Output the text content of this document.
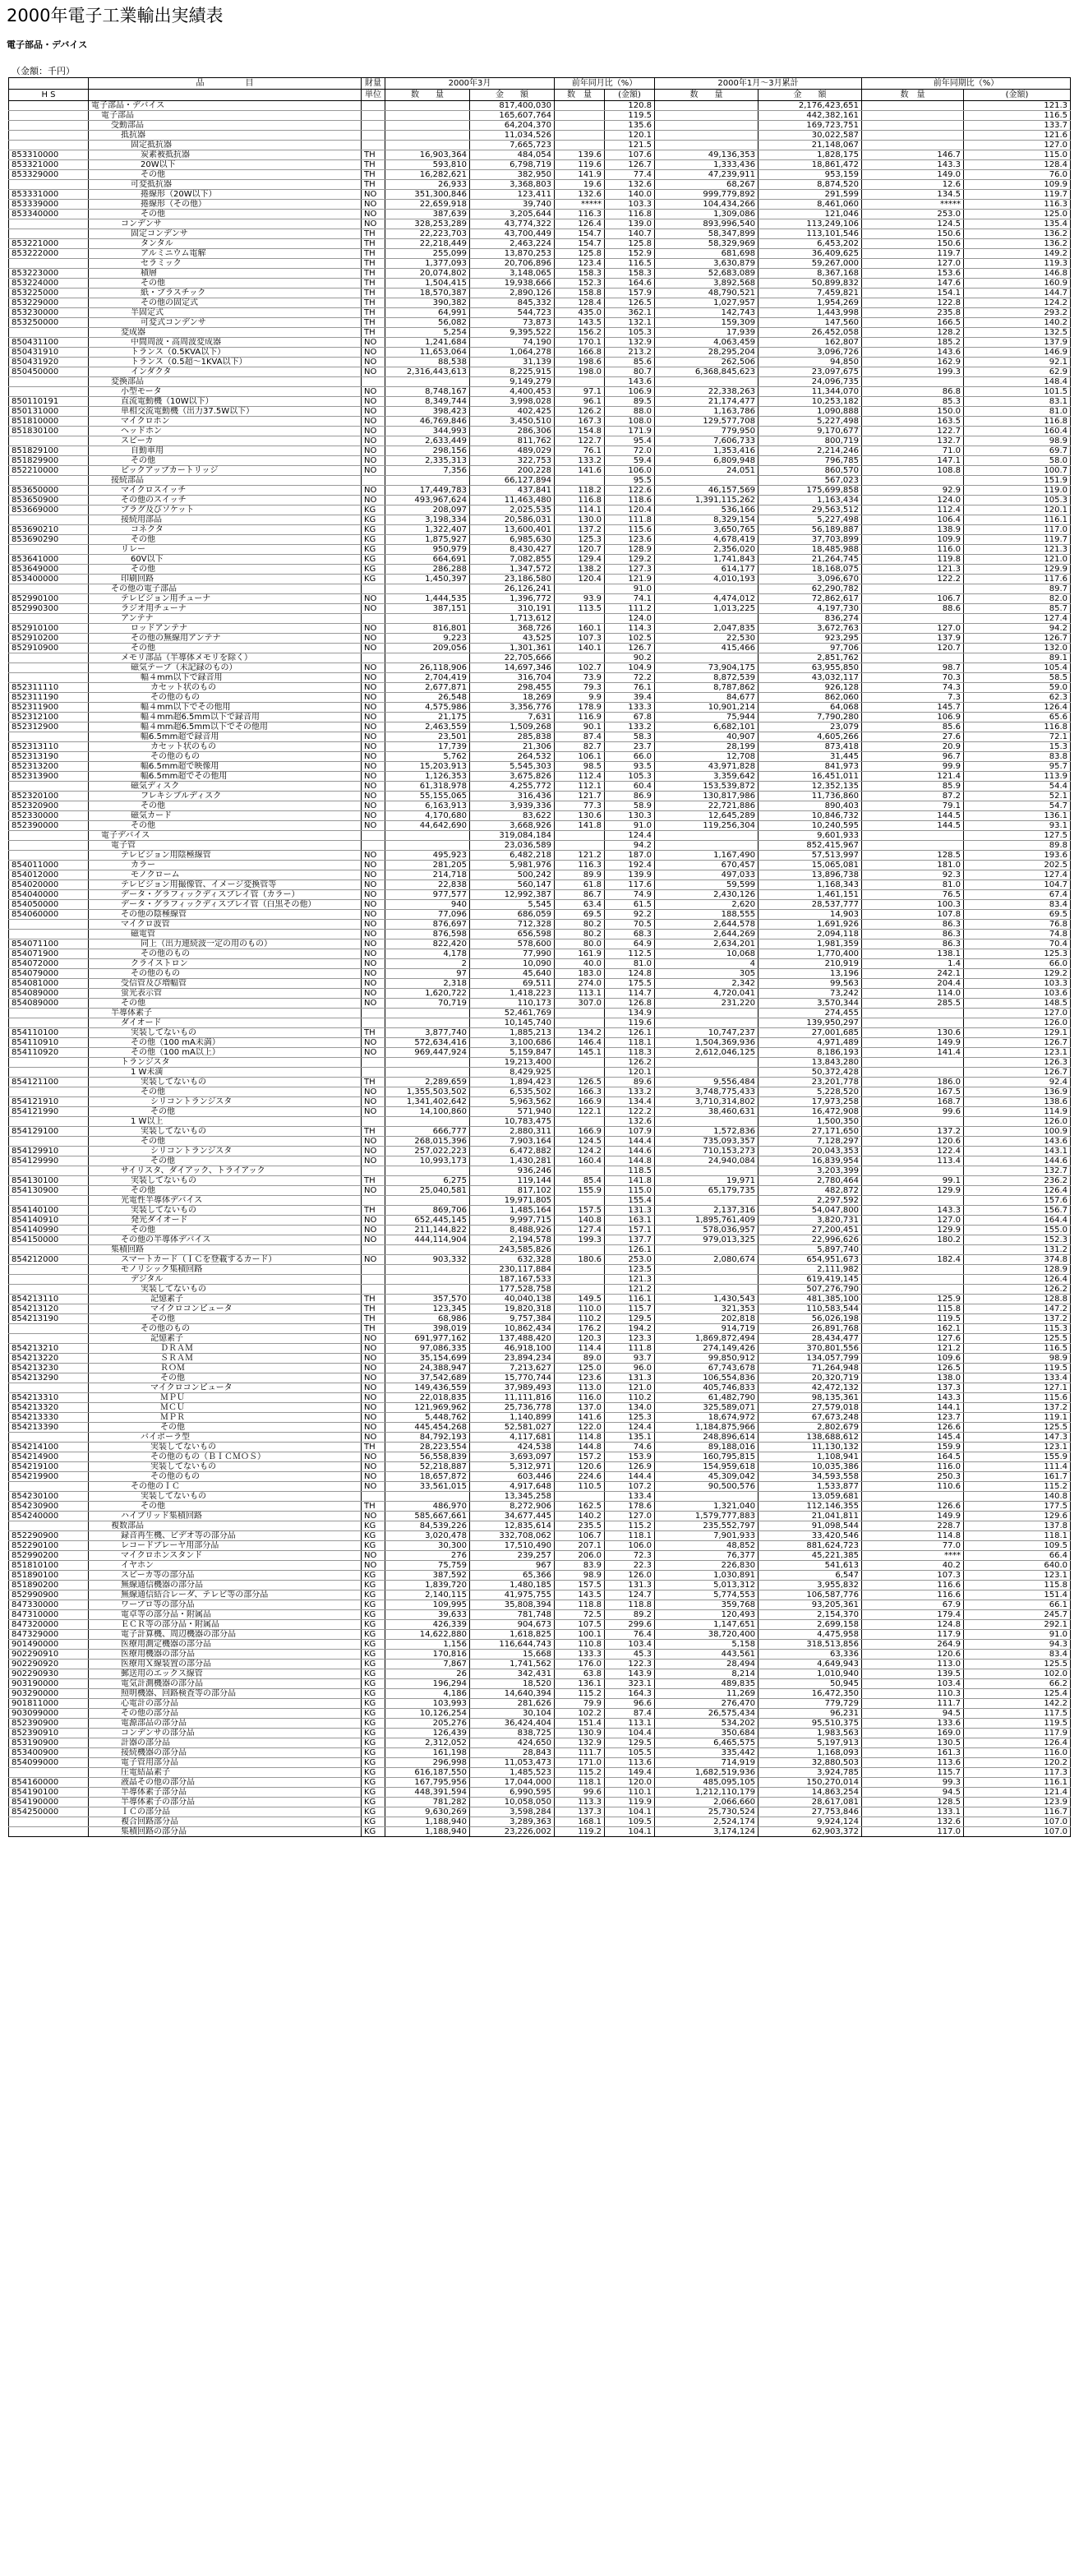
2000年電子工業輸出実績表
電子部品・デバイス
（金額：千円）
	品　　　　　目	財量	2000年3月		前年同月比（%）		2000年1月～3月累計		前年同期比（%）	
H S		単位	数　　量	金　　額	数　量	(金額)	数　　量	金　　額	数　量	(金額)
	電子部品・デバイス			817,400,030		120.8		2,176,423,651		121.3
	電子部品			165,607,764		119.5		442,382,161		116.5
	受動部品			64,204,370		135.6		169,723,751		133.7
	抵抗器			11,034,526		120.1		30,022,587		121.6
	固定抵抗器			7,665,723		121.5		21,148,067		127.0
853310000	炭素被抵抗器	TH	16,903,364	484,054	139.6	107.6	49,136,353	1,828,175	146.7	115.0
853321000	20W以下	TH	593,810	6,798,719	119.6	126.7	1,333,436	18,861,472	143.3	128.4
853329000	その他	TH	16,282,621	382,950	141.9	77.4	47,239,911	953,159	149.0	76.0
	可変抵抗器	TH	26,933	3,368,803	19.6	132.6	68,267	8,874,520	12.6	109.9
853331000	捲線形（20W以下）	NO	351,300,846	123,411	132.6	140.0	999,779,892	291,599	134.5	119.7
853339000	捲線形（その他）	NO	22,659,918	39,740	*****	103.3	104,434,266	8,461,060	*****	116.3
853340000	その他	NO	387,639	3,205,644	116.3	116.8	1,309,086	121,046	253.0	125.0
	コンデンサ	NO	328,253,289	43,774,322	126.4	139.0	893,996,540	113,249,106	124.5	135.4
	固定コンデンサ	TH	22,223,703	43,700,449	154.7	140.7	58,347,899	113,101,546	150.6	136.2
853221000	タンタル	TH	22,218,449	2,463,224	154.7	125.8	58,329,969	6,453,202	150.6	136.2
853222000	アルミニウム電解	TH	255,099	13,870,253	125.8	152.9	681,698	36,409,625	119.7	149.2
	セラミック	TH	1,377,093	20,706,896	123.4	116.5	3,630,879	59,267,000	127.0	119.3
853223000	積層	TH	20,074,802	3,148,065	158.3	158.3	52,683,089	8,367,168	153.6	146.8
853224000	その他	TH	1,504,415	19,938,666	152.3	164.6	3,892,568	50,899,832	147.6	160.9
853225000	紙・プラスチック	TH	18,570,387	2,890,126	158.8	157.9	48,790,521	7,459,821	154.1	144.7
853229000	その他の固定式	TH	390,382	845,332	128.4	126.5	1,027,957	1,954,269	122.8	124.2
853230000	半固定式	TH	64,991	544,723	435.0	362.1	142,743	1,443,998	235.8	293.2
853250000	可変式コンデンサ	TH	56,082	73,873	143.5	132.1	159,309	147,560	166.5	140.2
	変成器	TH	5,254	9,395,522	156.2	105.3	17,939	26,452,058	128.2	132.5
850431100	中間周波・高周波変成器	NO	1,241,684	74,190	170.1	132.9	4,063,459	162,807	185.2	137.9
850431910	トランス（0.5KVA以下）	NO	11,653,064	1,064,278	166.8	213.2	28,295,204	3,096,726	143.6	146.9
850431920	トランス（0.5超～1KVA以下）	NO	88,538	31,139	198.6	85.6	262,506	94,850	162.9	92.1
850450000	インダクタ	NO	2,316,443,613	8,225,915	198.0	80.7	6,368,845,623	23,097,675	199.3	62.9
	変換部品			9,149,279		143.6		24,096,735		148.4
	小型モータ	NO	8,748,167	4,400,453	97.1	106.9	22,338,263	11,344,070	86.8	101.5
850110191	直流電動機（10W以下）	NO	8,349,744	3,998,028	96.1	89.5	21,174,477	10,253,182	85.3	83.1
850131000	単相交流電動機（出力37.5W以下）	NO	398,423	402,425	126.2	88.0	1,163,786	1,090,888	150.0	81.0
851810000	マイクロホン	NO	46,769,846	3,450,510	167.3	108.0	129,577,708	5,227,498	163.5	116.8
851830100	ヘッドホン	NO	344,993	286,306	154.8	171.9	779,950	9,170,677	122.7	160.4
	スピーカ	NO	2,633,449	811,762	122.7	95.4	7,606,733	800,719	132.7	98.9
851829100	自動車用	NO	298,156	489,029	76.1	72.0	1,353,416	2,214,246	71.0	69.7
851829900	その他	NO	2,335,313	322,753	133.2	59.4	6,809,948	796,785	147.1	58.0
852210000	ピックアップカートリッジ	NO	7,356	200,228	141.6	106.0	24,051	860,570	108.8	100.7
	接続部品			66,127,894		95.5		567,023		151.9
853650000	マイクロスイッチ	NO	17,449,783	437,841	118.2	122.6	46,157,569	175,699,858	92.9	119.0
853650900	その他のスイッチ	NO	493,967,624	11,463,480	116.8	118.6	1,391,115,262	1,163,434	124.0	105.3
853669000	プラグ及びソケット	KG	208,097	2,025,535	114.1	120.4	536,166	29,563,512	112.4	120.1
	接続用部品	KG	3,198,334	20,586,031	130.0	111.8	8,329,154	5,227,498	106.4	116.1
853690210	コネクタ	KG	1,322,407	13,600,401	137.2	115.6	3,650,765	56,189,887	138.9	117.0
853690290	その他	KG	1,875,927	6,985,630	125.3	123.6	4,678,419	37,703,899	109.9	119.7
	リレー	KG	950,979	8,430,427	120.7	128.9	2,356,020	18,485,988	116.0	121.3
853641000	60V以下	KG	664,691	7,082,855	129.4	129.2	1,741,843	21,264,745	119.8	121.0
853649000	その他	KG	286,288	1,347,572	138.2	127.3	614,177	18,168,075	121.3	129.9
853400000	印刷回路	KG	1,450,397	23,186,580	120.4	121.9	4,010,193	3,096,670	122.2	117.6
	その他の電子部品			26,126,241		91.0		62,290,782		89.7
852990100	テレビジョン用チューナ	NO	1,444,535	1,396,772	93.9	74.1	4,474,012	72,862,617	106.7	82.0
852990300	ラジオ用チューナ	NO	387,151	310,191	113.5	111.2	1,013,225	4,197,730	88.6	85.7
	アンテナ			1,713,612		124.0		836,274		127.4
852910100	ロッドアンテナ	NO	816,801	368,726	160.1	114.3	2,047,835	3,672,763	127.0	94.2
852910200	その他の無線用アンテナ	NO	9,223	43,525	107.3	102.5	22,530	923,295	137.9	126.7
852910900	その他	NO	209,056	1,301,361	140.1	126.7	415,466	97,706	120.7	132.0
	メモリ部品（半導体メモリを除く）			22,705,666		90.2		2,851,762		89.1
	磁気テープ（未記録のもの）	NO	26,118,906	14,697,346	102.7	104.9	73,904,175	63,955,850	98.7	105.4
	幅４mm以下で録音用	NO	2,704,419	316,704	73.9	72.2	8,872,539	43,032,117	70.3	58.5
852311110	カセット状のもの	NO	2,677,871	298,455	79.3	76.1	8,787,862	926,128	74.3	59.0
852311190	その他のもの	NO	26,548	18,269	9.9	39.4	84,677	862,060	7.3	62.3
852311900	幅４mm以下でその他用	NO	4,575,986	3,356,776	178.9	133.3	10,901,214	64,068	145.7	126.4
852312100	幅４mm超6.5mm以下で録音用	NO	21,175	7,631	116.9	67.8	75,944	7,790,280	106.9	65.6
852312900	幅４mm超6.5mm以下でその他用	NO	2,463,559	1,509,268	90.1	133.2	6,682,101	23,079	85.6	116.8
	幅6.5mm超で録音用	NO	23,501	285,838	87.4	58.3	40,907	4,605,266	27.6	72.1
852313110	カセット状のもの	NO	17,739	21,306	82.7	23.7	28,199	873,418	20.9	15.3
852313190	その他のもの	NO	5,762	264,532	106.1	66.0	12,708	31,445	96.7	83.8
852313200	幅6.5mm超で映像用	NO	15,203,913	5,545,303	98.5	93.5	43,971,828	841,973	99.9	95.7
852313900	幅6.5mm超でその他用	NO	1,126,353	3,675,826	112.4	105.3	3,359,642	16,451,011	121.4	113.9
	磁気ディスク	NO	61,318,978	4,255,772	112.1	60.4	153,539,872	12,352,135	85.9	54.4
852320100	フレキシブルディスク	NO	55,155,065	316,436	121.7	86.9	130,817,986	11,736,860	87.2	52.1
852320900	その他	NO	6,163,913	3,939,336	77.3	58.9	22,721,886	890,403	79.1	54.7
852330000	磁気カード	NO	4,170,680	83,622	130.6	130.3	12,645,289	10,846,732	144.5	136.1
852390000	その他	NO	44,642,690	3,668,926	141.8	91.0	119,256,304	10,240,595	144.5	93.1
	電子デバイス			319,084,184		124.4		9,601,933		127.5
	電子管			23,036,589		94.2		852,415,967		89.8
	テレビジョン用陰極線管	NO	495,923	6,482,218	121.2	187.0	1,167,490	57,513,997	128.5	193.6
854011000	カラー	NO	281,205	5,981,976	116.3	192.4	670,457	15,065,081	181.0	202.5
854012000	モノクローム	NO	214,718	500,242	89.9	139.9	497,033	13,896,738	92.3	127.4
854020000	テレビジョン用撮像管、イメージ変換管等	NO	22,838	560,147	61.8	117.6	59,599	1,168,343	81.0	104.7
854040000	データ・グラフィックディスプレイ管（カラー）	NO	977,577	12,992,387	86.7	74.9	2,430,126	1,461,151	76.5	67.4
854050000	データ・グラフィックディスプレイ管（白黒その他）	NO	940	5,545	63.4	61.5	2,620	28,537,777	100.3	83.4
854060000	その他の陰極線管	NO	77,096	686,059	69.5	92.2	188,555	14,903	107.8	69.5
	マイクロ波管	NO	876,697	712,328	80.2	70.5	2,644,578	1,691,926	86.3	76.8
	磁電管	NO	876,598	656,598	80.2	68.3	2,644,269	2,094,118	86.3	74.8
854071100	同上（出力連続波一定の用のもの）	NO	822,420	578,600	80.0	64.9	2,634,201	1,981,359	86.3	70.4
854071900	その他のもの	NO	4,178	77,990	161.9	112.5	10,068	1,770,400	138.1	125.3
854072000	クライストロン	NO	2	10,090	40.0	81.0	4	210,919	1.4	66.0
854079000	その他のもの	NO	97	45,640	183.0	124.8	305	13,196	242.1	129.2
854081000	受信管及び増幅管	NO	2,318	69,511	274.0	175.5	2,342	99,563	204.4	103.3
854089000	蛍光表示管	NO	1,620,722	1,418,223	113.1	114.7	4,720,041	73,242	114.0	103.6
854089000	その他	NO	70,719	110,173	307.0	126.8	231,220	3,570,344	285.5	148.5
	半導体素子			52,461,769		134.9		274,455		127.0
	ダイオード			10,145,740		119.6		139,950,297		126.0
854110100	実装してないもの	TH	3,877,740	1,885,213	134.2	126.1	10,747,237	27,001,685	130.6	129.1
854110910	その他（100 mA未満）	NO	572,634,416	3,100,686	146.4	118.1	1,504,369,936	4,971,489	149.9	126.7
854110920	その他（100 mA以上）	NO	969,447,924	5,159,847	145.1	118.3	2,612,046,125	8,186,193	141.4	123.1
	トランジスタ			19,213,400		126.2		13,843,280		126.3
	1 W未満			8,429,925		120.1		50,372,428		126.7
854121100	実装してないもの	TH	2,289,659	1,894,423	126.5	89.6	9,556,484	23,201,778	186.0	92.4
	その他	NO	1,355,503,502	6,535,502	166.3	133.2	3,748,775,433	5,228,520	167.5	136.9
854121910	シリコントランジスタ	NO	1,341,402,642	5,963,562	166.9	134.4	3,710,314,802	17,973,258	168.7	138.6
854121990	その他	NO	14,100,860	571,940	122.1	122.2	38,460,631	16,472,908	99.6	114.9
	1 W以上			10,783,475		132.6		1,500,350		126.0
854129100	実装してないもの	TH	666,777	2,880,311	166.9	107.9	1,572,836	27,171,650	137.2	100.9
	その他	NO	268,015,396	7,903,164	124.5	144.4	735,093,357	7,128,297	120.6	143.6
854129910	シリコントランジスタ	NO	257,022,223	6,472,882	124.2	144.6	710,153,273	20,043,353	122.4	143.1
854129990	その他	NO	10,993,173	1,430,281	160.4	144.8	24,940,084	16,839,954	113.4	144.6
	サイリスタ、ダイアック、トライアック			936,246		118.5		3,203,399		132.7
854130100	実装してないもの	TH	6,275	119,144	85.4	141.8	19,971	2,780,464	99.1	236.2
854130900	その他	NO	25,040,581	817,102	155.9	115.0	65,179,735	482,872	129.9	126.4
	光電性半導体デバイス			19,971,805		155.4		2,297,592		157.6
854140100	実装してないもの	TH	869,706	1,485,164	157.5	131.3	2,137,316	54,047,800	143.3	156.7
854140910	発光ダイオード	NO	652,445,145	9,997,715	140.8	163.1	1,895,761,409	3,820,731	127.0	164.4
854140990	その他	NO	211,144,822	8,488,926	127.4	157.1	578,036,957	27,200,451	129.9	155.0
854150000	その他の半導体デバイス	NO	444,114,904	2,194,578	199.3	137.7	979,013,325	22,996,626	180.2	152.3
	集積回路			243,585,826		126.1		5,897,740		131.2
854212000	スマートカード（ＩＣを登載するカード）	NO	903,332	632,328	180.6	253.0	2,080,674	654,951,673	182.4	374.8
	モノリシック集積回路			230,117,884		123.5		2,111,982		128.9
	デジタル			187,167,533		121.3		619,419,145		126.4
	実装してないもの			177,528,758		121.2		507,276,790		126.2
854213110	記憶素子	TH	357,570	40,040,138	149.5	116.1	1,430,543	481,385,100	125.9	128.8
854213120	マイクロコンピュータ	TH	123,345	19,820,318	110.0	115.7	321,353	110,583,544	115.8	147.2
854213190	その他	TH	68,986	9,757,384	110.2	129.5	202,818	56,026,198	119.5	137.2
	その他のもの	TH	398,019	10,862,434	176.2	194.2	914,719	26,891,768	162.1	115.3
	記憶素子	NO	691,977,162	137,488,420	120.3	123.3	1,869,872,494	28,434,477	127.6	125.5
854213210	ＤＲＡＭ	NO	97,086,335	46,918,100	114.4	111.8	274,149,426	370,801,556	121.2	116.5
854213220	ＳＲＡＭ	NO	35,154,699	23,894,234	89.0	93.7	99,850,912	134,057,799	109.6	98.9
854213230	ＲＯＭ	NO	24,388,947	7,213,627	125.0	96.0	67,743,678	71,264,948	126.5	119.5
854213290	その他	NO	37,542,689	15,770,744	123.6	131.3	106,554,836	20,320,719	138.0	133.4
	マイクロコンピュータ	NO	149,436,559	37,989,493	113.0	121.0	405,746,833	42,472,132	137.3	127.1
854213310	ＭＰＵ	NO	22,018,835	11,111,816	116.0	110.2	61,482,790	98,135,361	143.3	115.6
854213320	ＭＣＵ	NO	121,969,962	25,736,778	137.0	134.0	325,589,071	27,579,018	144.1	137.2
854213330	ＭＰＲ	NO	5,448,762	1,140,899	141.6	125.3	18,674,972	67,673,248	123.7	119.1
854213390	その他	NO	445,454,268	52,581,027	122.0	124.4	1,184,875,966	2,802,679	126.6	125.5
	バイポーラ型	NO	84,792,193	4,117,681	114.8	135.1	248,896,614	138,688,612	145.4	147.3
854214100	実装してないもの	TH	28,223,554	424,538	144.8	74.6	89,188,016	11,130,132	159.9	123.1
854214900	その他のもの（ＢＩＣＭＯＳ）	NO	56,558,839	3,693,097	157.2	153.9	160,795,815	1,108,941	164.5	155.9
854219100	実装してないもの	NO	52,218,887	5,312,971	120.6	126.9	154,959,618	10,035,386	116.0	111.4
854219900	その他のもの	NO	18,657,872	603,446	224.6	144.4	45,309,042	34,593,558	250.3	161.7
	その他のＩＣ	NO	33,561,015	4,917,648	110.5	107.2	90,500,576	1,533,877	110.6	115.2
854230100	実装してないもの			13,345,258		133.4		13,059,681		140.8
854230900	その他	TH	486,970	8,272,906	162.5	178.6	1,321,040	112,146,355	126.6	177.5
854240000	ハイブリッド集積回路	NO	585,667,661	34,677,445	140.2	127.0	1,579,777,883	21,041,811	149.9	129.6
	複数部品	KG	84,539,226	12,835,614	235.5	115.2	235,552,797	91,098,544	228.7	137.8
852290900	録音再生機、ビデオ等の部分品	KG	3,020,478	332,708,062	106.7	118.1	7,901,933	33,420,546	114.8	118.1
852290100	レコードプレーヤ用部分品	KG	30,300	17,510,490	207.1	106.0	48,852	881,624,723	77.0	109.5
852990200	マイクロホンスタンド	NO	276	239,257	206.0	72.3	76,377	45,221,385	****	66.4
851810100	イヤホン	NO	75,759	967	83.9	22.3	226,830	541,613	40.2	640.0
851890100	スピーカ等の部分品	KG	387,592	65,366	98.9	126.0	1,030,891	6,547	107.3	123.1
851890200	無線通信機器の部分品	KG	1,839,720	1,480,185	157.5	131.3	5,013,312	3,955,832	116.6	115.8
852990900	無線通信結合レーダ、テレビ等の部分品	KG	2,140,115	41,975,755	143.5	124.7	5,774,553	106,587,776	116.6	151.4
847330000	ワープロ等の部分品	KG	109,995	35,808,394	118.8	118.8	359,768	93,205,361	67.9	66.1
847310000	電卓等の部分品・附属品	KG	39,633	781,748	72.5	89.2	120,493	2,154,370	179.4	245.7
847320000	ＥＣＲ等の部分品・附属品	KG	426,339	904,673	107.5	299.6	1,147,651	2,699,158	124.8	292.1
847329000	電子計算機、周辺機器の部分品	KG	14,622,880	1,618,825	100.1	76.4	38,720,400	4,475,958	117.9	91.0
901490000	医療用測定機器の部分品	KG	1,156	116,644,743	110.8	103.4	5,158	318,513,856	264.9	94.3
902290910	医療用機器の部分品	KG	170,816	15,668	133.3	45.3	443,561	63,336	120.6	83.4
902290920	医療用Ｘ線装置の部分品	KG	7,867	1,741,562	176.0	122.3	28,494	4,649,943	113.0	125.5
902290930	郵送用のエックス線管	KG	26	342,431	63.8	143.9	8,214	1,010,940	139.5	102.0
903190000	電気計測機器の部分品	KG	196,294	18,520	136.1	323.1	489,835	50,945	103.4	66.2
903290000	照明機器、回路検査等の部分品	KG	4,186	14,640,394	115.2	164.3	11,269	16,472,350	110.3	125.4
901811000	心電計の部分品	KG	103,993	281,626	79.9	96.6	276,470	779,729	111.7	142.2
903099000	その他の部分品	KG	10,126,254	30,104	102.2	87.4	26,575,434	96,231	94.5	117.5
852390900	電源部品の部分品	KG	205,276	36,424,404	151.4	113.1	534,202	95,510,375	133.6	119.5
852390910	コンデンサの部分品	KG	126,439	838,725	130.9	104.4	350,684	1,983,563	169.0	117.9
853190900	計器の部分品	KG	2,312,052	424,650	132.9	129.5	6,465,575	5,197,913	130.5	126.4
853400900	接続機器の部分品	KG	161,198	28,843	111.7	105.5	335,442	1,168,093	161.3	116.0
854099000	電子管用部分品	KG	296,998	11,053,473	171.0	113.6	714,919	32,880,503	113.6	120.2
	圧電結晶素子	KG	616,187,550	1,485,523	115.2	149.4	1,682,519,936	3,924,785	115.7	117.3
854160000	液晶その他の部分品	KG	167,795,956	17,044,000	118.1	120.0	485,095,105	150,270,014	99.3	116.1
854190100	半導体素子部分品	KG	448,391,594	6,990,595	99.6	110.1	1,212,110,179	14,863,254	94.5	121.4
854190000	半導体素子の部分品	KG	781,282	10,058,050	113.3	119.9	2,066,660	28,617,081	128.5	123.9
854250000	ＩＣの部分品	KG	9,630,269	3,598,284	137.3	104.1	25,730,524	27,753,846	133.1	116.7
	複合回路部分品	KG	1,188,940	3,289,363	168.1	109.5	2,524,174	9,924,124	132.6	107.0
	集積回路の部分品	KG	1,188,940	23,226,002	119.2	104.1	3,174,124	62,903,372	117.0	107.0
